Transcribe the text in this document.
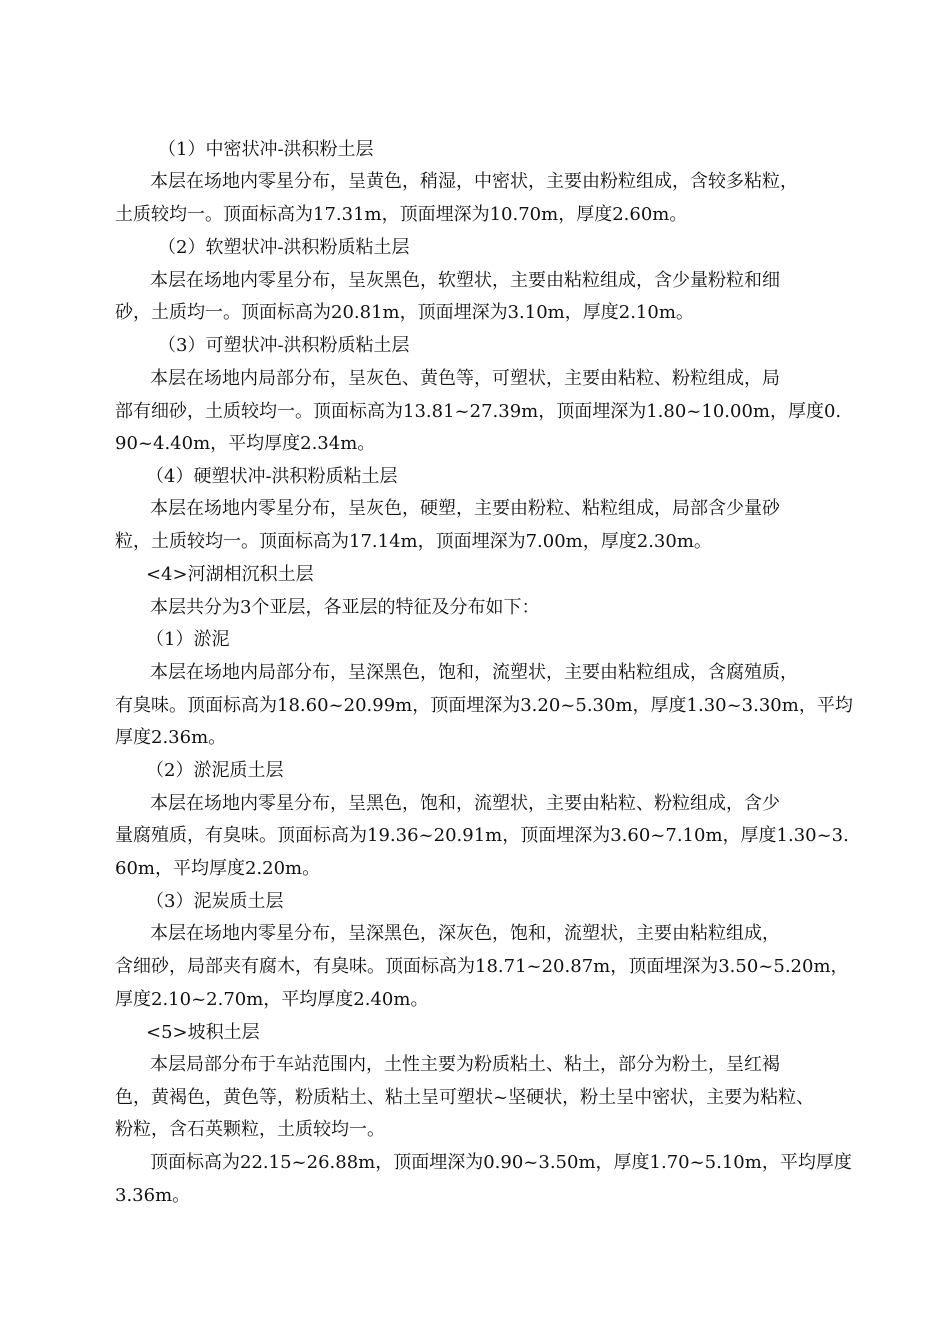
（1）中密状冲-洪积粉土层
本层在场地内零星分布，呈黄色，稍湿，中密状，主要由粉粒组成，含较多粘粒，
土质较均一。顶面标高为17.31m，顶面埋深为10.70m，厚度2.60m。
（2）软塑状冲-洪积粉质粘土层
本层在场地内零星分布，呈灰黑色，软塑状，主要由粘粒组成，含少量粉粒和细
砂，土质均一。顶面标高为20.81m，顶面埋深为3.10m，厚度2.10m。
（3）可塑状冲-洪积粉质粘土层
本层在场地内局部分布，呈灰色、黄色等，可塑状，主要由粘粒、粉粒组成，局
部有细砂，土质较均一。顶面标高为13.81~27.39m，顶面埋深为1.80~10.00m，厚度0.
90~4.40m，平均厚度2.34m。
（4）硬塑状冲-洪积粉质粘土层
本层在场地内零星分布，呈灰色，硬塑，主要由粉粒、粘粒组成，局部含少量砂
粒，土质较均一。顶面标高为17.14m，顶面埋深为7.00m，厚度2.30m。
<4>河湖相沉积土层
本层共分为3个亚层，各亚层的特征及分布如下：
（1）淤泥
本层在场地内局部分布，呈深黑色，饱和，流塑状，主要由粘粒组成，含腐殖质，
有臭味。顶面标高为18.60~20.99m，顶面埋深为3.20~5.30m，厚度1.30~3.30m，平均
厚度2.36m。
（2）淤泥质土层
本层在场地内零星分布，呈黑色，饱和，流塑状，主要由粘粒、粉粒组成，含少
量腐殖质，有臭味。顶面标高为19.36~20.91m，顶面埋深为3.60~7.10m，厚度1.30~3.
60m，平均厚度2.20m。
（3）泥炭质土层
本层在场地内零星分布，呈深黑色，深灰色，饱和，流塑状，主要由粘粒组成，
含细砂，局部夹有腐木，有臭味。顶面标高为18.71~20.87m，顶面埋深为3.50~5.20m，
厚度2.10~2.70m，平均厚度2.40m。
<5>坡积土层
本层局部分布于车站范围内，土性主要为粉质粘土、粘土，部分为粉土，呈红褐
色，黄褐色，黄色等，粉质粘土、粘土呈可塑状~坚硬状，粉土呈中密状，主要为粘粒、
粉粒，含石英颗粒，土质较均一。
顶面标高为22.15~26.88m，顶面埋深为0.90~3.50m，厚度1.70~5.10m，平均厚度
3.36m。
